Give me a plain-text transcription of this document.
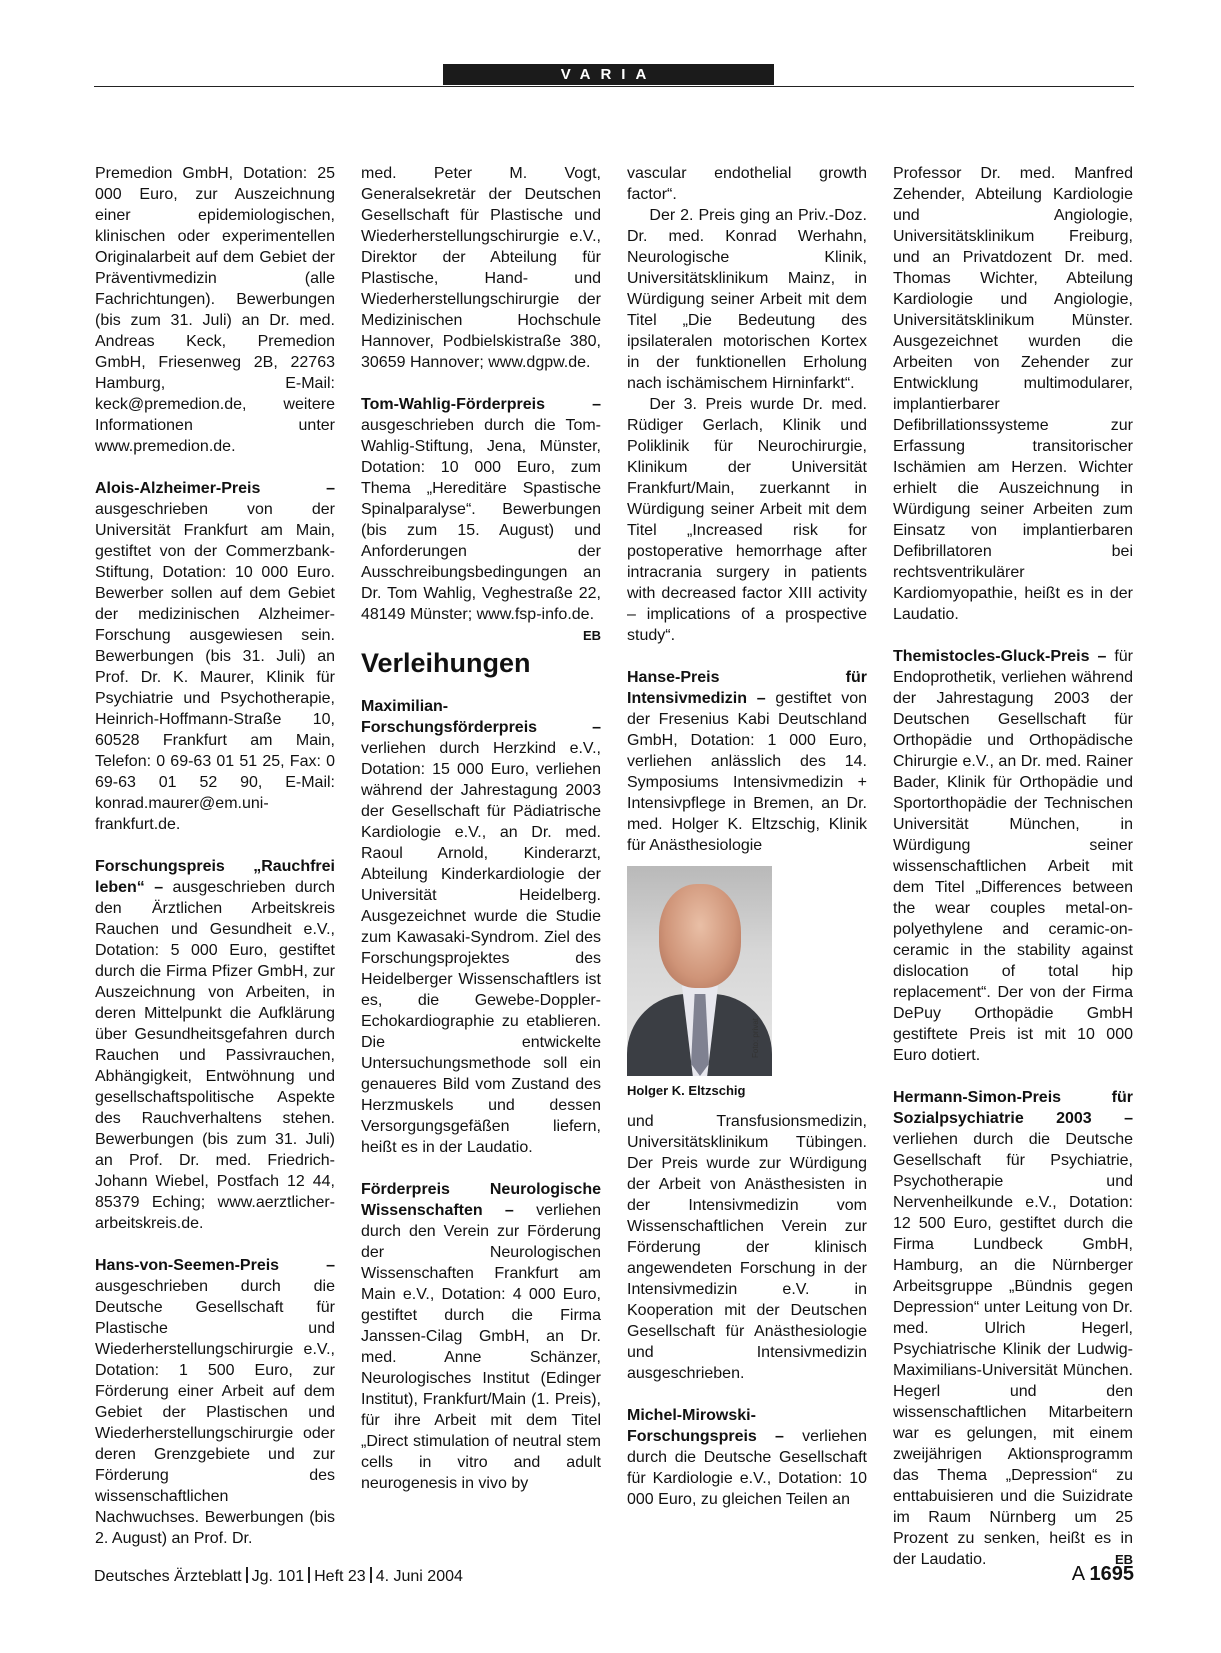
VARIA

Premedion GmbH, Dotation: 25 000 Euro, zur Auszeichnung einer epidemiologischen, klinischen oder experimentellen Originalarbeit auf dem Gebiet der Präventivmedizin (alle Fachrichtungen). Bewerbungen (bis zum 31. Juli) an Dr. med. Andreas Keck, Premedion GmbH, Friesenweg 2B, 22763 Hamburg, E-Mail: keck@premedion.de, weitere Informationen unter www.premedion.de.

Alois-Alzheimer-Preis – ausgeschrieben von der Universität Frankfurt am Main, gestiftet von der Commerzbank-Stiftung, Dotation: 10 000 Euro. Bewerber sollen auf dem Gebiet der medizinischen Alzheimer-Forschung ausgewiesen sein. Bewerbungen (bis 31. Juli) an Prof. Dr. K. Maurer, Klinik für Psychiatrie und Psychotherapie, Heinrich-Hoffmann-Straße 10, 60528 Frankfurt am Main, Telefon: 0 69-63 01 51 25, Fax: 0 69-63 01 52 90, E-Mail: konrad.maurer@em.uni-frankfurt.de.

Forschungspreis „Rauchfrei leben“ – ausgeschrieben durch den Ärztlichen Arbeitskreis Rauchen und Gesundheit e.V., Dotation: 5 000 Euro, gestiftet durch die Firma Pfizer GmbH, zur Auszeichnung von Arbeiten, in deren Mittelpunkt die Aufklärung über Gesundheitsgefahren durch Rauchen und Passivrauchen, Abhängigkeit, Entwöhnung und gesellschaftspolitische Aspekte des Rauchverhaltens stehen. Bewerbungen (bis zum 31. Juli) an Prof. Dr. med. Friedrich-Johann Wiebel, Postfach 12 44, 85379 Eching; www.aerztlicher-arbeitskreis.de.

Hans-von-Seemen-Preis – ausgeschrieben durch die Deutsche Gesellschaft für Plastische und Wiederherstellungschirurgie e.V., Dotation: 1 500 Euro, zur Förderung einer Arbeit auf dem Gebiet der Plastischen und Wiederherstellungschirurgie oder deren Grenzgebiete und zur Förderung des wissenschaftlichen Nachwuchses. Bewerbungen (bis 2. August) an Prof. Dr.

med. Peter M. Vogt, Generalsekretär der Deutschen Gesellschaft für Plastische und Wiederherstellungschirurgie e.V., Direktor der Abteilung für Plastische, Hand- und Wiederherstellungschirurgie der Medizinischen Hochschule Hannover, Podbielskistraße 380, 30659 Hannover; www.dgpw.de.

Tom-Wahlig-Förderpreis – ausgeschrieben durch die Tom-Wahlig-Stiftung, Jena, Münster, Dotation: 10 000 Euro, zum Thema „Hereditäre Spastische Spinalparalyse“. Bewerbungen (bis zum 15. August) und Anforderungen der Ausschreibungsbedingungen an Dr. Tom Wahlig, Veghestraße 22, 48149 Münster; www.fsp-info.de.
EB

Verleihungen

Maximilian-Forschungsförderpreis – verliehen durch Herzkind e.V., Dotation: 15 000 Euro, verliehen während der Jahrestagung 2003 der Gesellschaft für Pädiatrische Kardiologie e.V., an Dr. med. Raoul Arnold, Kinderarzt, Abteilung Kinderkardiologie der Universität Heidelberg. Ausgezeichnet wurde die Studie zum Kawasaki-Syndrom. Ziel des Forschungsprojektes des Heidelberger Wissenschaftlers ist es, die Gewebe-Doppler-Echokardiographie zu etablieren. Die entwickelte Untersuchungsmethode soll ein genaueres Bild vom Zustand des Herzmuskels und dessen Versorgungsgefäßen liefern, heißt es in der Laudatio.

Förderpreis Neurologische Wissenschaften – verliehen durch den Verein zur Förderung der Neurologischen Wissenschaften Frankfurt am Main e.V., Dotation: 4 000 Euro, gestiftet durch die Firma Janssen-Cilag GmbH, an Dr. med. Anne Schänzer, Neurologisches Institut (Edinger Institut), Frankfurt/Main (1. Preis), für ihre Arbeit mit dem Titel „Direct stimulation of neutral stem cells in vitro and adult neurogenesis in vivo by

vascular endothelial growth factor“.

Der 2. Preis ging an Priv.-Doz. Dr. med. Konrad Werhahn, Neurologische Klinik, Universitätsklinikum Mainz, in Würdigung seiner Arbeit mit dem Titel „Die Bedeutung des ipsilateralen motorischen Kortex in der funktionellen Erholung nach ischämischem Hirninfarkt“.

Der 3. Preis wurde Dr. med. Rüdiger Gerlach, Klinik und Poliklinik für Neurochirurgie, Klinikum der Universität Frankfurt/Main, zuerkannt in Würdigung seiner Arbeit mit dem Titel „Increased risk for postoperative hemorrhage after intracrania surgery in patients with decreased factor XIII activity – implications of a prospective study“.

Hanse-Preis für Intensivmedizin – gestiftet von der Fresenius Kabi Deutschland GmbH, Dotation: 1 000 Euro, verliehen anlässlich des 14. Symposiums Intensivmedizin + Intensivpflege in Bremen, an Dr. med. Holger K. Eltzschig, Klinik für Anästhesiologie

Foto: privat
Holger K. Eltzschig

und Transfusionsmedizin, Universitätsklinikum Tübingen. Der Preis wurde zur Würdigung der Arbeit von Anästhesisten in der Intensivmedizin vom Wissenschaftlichen Verein zur Förderung der klinisch angewendeten Forschung in der Intensivmedizin e.V. in Kooperation mit der Deutschen Gesellschaft für Anästhesiologie und Intensivmedizin ausgeschrieben.

Michel-Mirowski-Forschungspreis – verliehen durch die Deutsche Gesellschaft für Kardiologie e.V., Dotation: 10 000 Euro, zu gleichen Teilen an

Professor Dr. med. Manfred Zehender, Abteilung Kardiologie und Angiologie, Universitätsklinikum Freiburg, und an Privatdozent Dr. med. Thomas Wichter, Abteilung Kardiologie und Angiologie, Universitätsklinikum Münster. Ausgezeichnet wurden die Arbeiten von Zehender zur Entwicklung multimodularer, implantierbarer Defibrillationssysteme zur Erfassung transitorischer Ischämien am Herzen. Wichter erhielt die Auszeichnung in Würdigung seiner Arbeiten zum Einsatz von implantierbaren Defibrillatoren bei rechtsventrikulärer Kardiomyopathie, heißt es in der Laudatio.

Themistocles-Gluck-Preis – für Endoprothetik, verliehen während der Jahrestagung 2003 der Deutschen Gesellschaft für Orthopädie und Orthopädische Chirurgie e.V., an Dr. med. Rainer Bader, Klinik für Orthopädie und Sportorthopädie der Technischen Universität München, in Würdigung seiner wissenschaftlichen Arbeit mit dem Titel „Differences between the wear couples metal-on-polyethylene and ceramic-on-ceramic in the stability against dislocation of total hip replacement“. Der von der Firma DePuy Orthopädie GmbH gestiftete Preis ist mit 10 000 Euro dotiert.

Hermann-Simon-Preis für Sozialpsychiatrie 2003 – verliehen durch die Deutsche Gesellschaft für Psychiatrie, Psychotherapie und Nervenheilkunde e.V., Dotation: 12 500 Euro, gestiftet durch die Firma Lundbeck GmbH, Hamburg, an die Nürnberger Arbeitsgruppe „Bündnis gegen Depression“ unter Leitung von Dr. med. Ulrich Hegerl, Psychiatrische Klinik der Ludwig-Maximilians-Universität München. Hegerl und den wissenschaftlichen Mitarbeitern war es gelungen, mit einem zweijährigen Aktionsprogramm das Thema „Depression“ zu enttabuisieren und die Suizidrate im Raum Nürnberg um 25 Prozent zu senken, heißt es in der Laudatio.	EB

Deutsches Ärzteblatt Jg. 101 Heft 23 4. Juni 2004	A 1695
